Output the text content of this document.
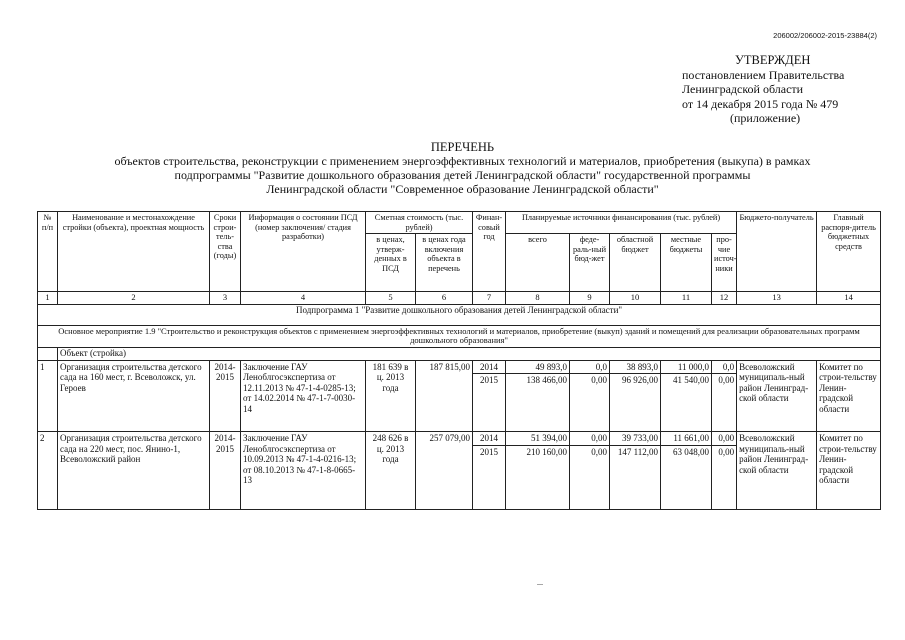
206002/206002-2015-23884(2)
УТВЕРЖДЕН
постановлением Правительства
Ленинградской области
от 14 декабря 2015 года № 479
(приложение)
ПЕРЕЧЕНЬ
объектов строительства, реконструкции с применением энергоэффективных технологий и материалов, приобретения (выкупа) в рамках
подпрограммы "Развитие дошкольного образования детей Ленинградской области" государственной программы
Ленинградской области "Современное образование Ленинградской области"
№ п/п	Наименование и местонахождение стройки (объекта), проектная мощность	Сроки строи-тель-ства (годы)	Информация о состоянии ПСД (номер заключения/ стадия разработки)	Сметная стоимость (тыс. рублей)		Финан-совый год	Планируемые источники финансирования (тыс. рублей)					Бюджето-получатель	Главный распоря-дитель бюджетных средств
				в ценах, утверж-денных в ПСД	в ценах года включения объекта в перечень		всего	феде-раль-ный бюд-жет	областной бюджет	местные бюджеты	про-чие источ-ники		
1	2	3	4	5	6	7	8	9	10	11	12	13	14
Подпрограмма 1 "Развитие дошкольного образования детей Ленинградской области"													
Основное мероприятие 1.9 "Строительство и реконструкция объектов с применением энергоэффективных технологий и материалов, приобретение (выкуп) зданий и помещений для реализации образовательных программ дошкольного образования"													
	Объект (стройка)												
1	Организация строительства детского сада на 160 мест, г. Всеволожск, ул. Героев	2014-2015	Заключение ГАУ Леноблгосэкспертиза от 12.11.2013 № 47-1-4-0285-13; от 14.02.2014 № 47-1-7-0030-14	181 639 в ц. 2013 года	187 815,00	2014	49 893,0	0,0	38 893,0	11 000,0	0,0	Всеволожский муниципаль-ный район Ленинград-ской области	Комитет по строи-тельству Ленин-градской области
						2015	138 466,00	0,00	96 926,00	41 540,00	0,00		
2	Организация строительства детского сада на 220 мест, пос. Янино-1, Всеволожский район	2014-2015	Заключение ГАУ Леноблгосэкспертиза от 10.09.2013 № 47-1-4-0216-13; от 08.10.2013 № 47-1-8-0665-13	248 626 в ц. 2013 года	257 079,00	2014	51 394,00	0,00	39 733,00	11 661,00	0,00	Всеволожский муниципаль-ный район Ленинград-ской области	Комитет по строи-тельству Ленин-градской области
						2015	210 160,00	0,00	147 112,00	63 048,00	0,00		
...
